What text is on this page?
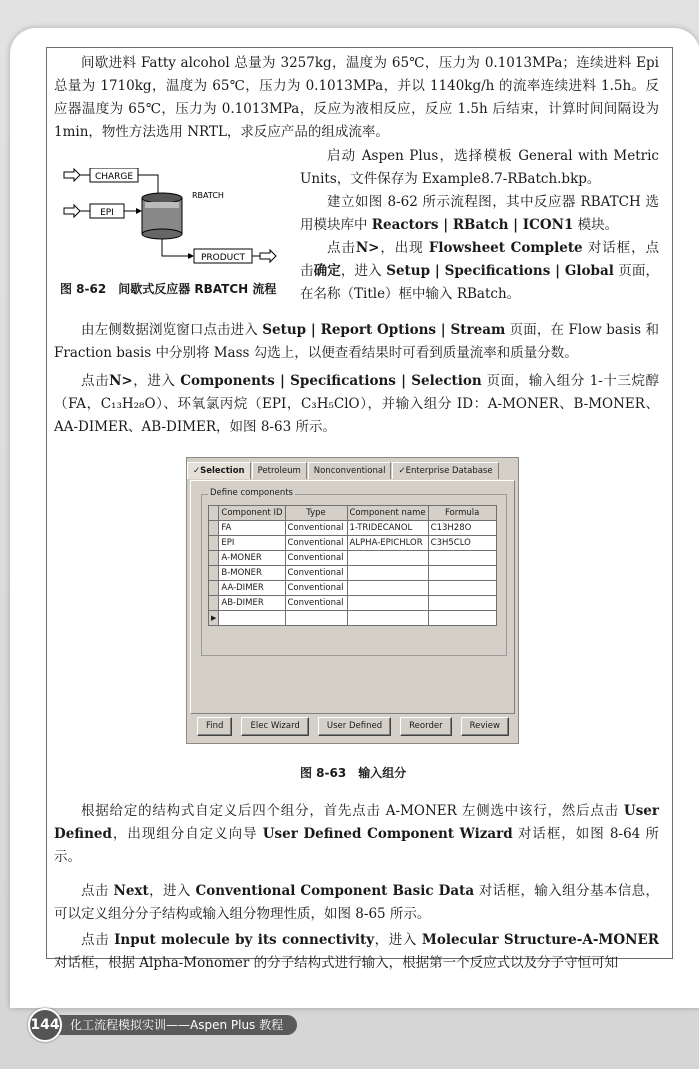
间歇进料 Fatty alcohol 总量为 3257kg，温度为 65℃，压力为 0.1013MPa；连续进料 Epi 总量为 1710kg，温度为 65℃，压力为 0.1013MPa，并以 1140kg/h 的流率连续进料 1.5h。反应器温度为 65℃，压力为 0.1013MPa，反应为液相反应，反应 1.5h 后结束，计算时间间隔设为 1min，物性方法选用 NRTL，求反应产品的组成流率。

CHARGE
EPI
RBATCH
PRODUCT
图 8-62　间歇式反应器 RBATCH 流程

启动 Aspen Plus，选择模板 General with Metric Units，文件保存为 Example8.7-RBatch.bkp。

建立如图 8-62 所示流程图，其中反应器 RBATCH 选用模块库中 Reactors | RBatch | ICON1 模块。

点击N>，出现 Flowsheet Complete 对话框，点击确定，进入 Setup | Specifications | Global 页面，在名称（Title）框中输入 RBatch。

由左侧数据浏览窗口点击进入 Setup | Report Options | Stream 页面，在 Flow basis 和 Fraction basis 中分别将 Mass 勾选上，以便查看结果时可看到质量流率和质量分数。

点击N>，进入 Components | Specifications | Selection 页面，输入组分 1-十三烷醇（FA，C₁₃H₂₈O）、环氧氯丙烷（EPI，C₃H₅ClO），并输入组分 ID：A-MONER、B-MONER、AA-DIMER、AB-DIMER，如图 8-63 所示。

✓Selection	Petroleum	Nonconventional	✓Enterprise Database
Define components
	Component ID	Type	Component name	Formula
	FA	Conventional	1-TRIDECANOL	C13H28O
	EPI	Conventional	ALPHA-EPICHLOR	C3H5CLO
	A-MONER	Conventional		
	B-MONER	Conventional		
	AA-DIMER	Conventional		
	AB-DIMER	Conventional		
▶				
Find	Elec Wizard	User Defined	Reorder	Review
图 8-63　输入组分

根据给定的结构式自定义后四个组分，首先点击 A-MONER 左侧选中该行，然后点击 User Defined，出现组分自定义向导 User Defined Component Wizard 对话框，如图 8-64 所示。

点击 Next，进入 Conventional Component Basic Data 对话框，输入组分基本信息，可以定义组分分子结构或输入组分物理性质，如图 8-65 所示。

点击 Input molecule by its connectivity，进入 Molecular Structure-A-MONER 对话框，根据 Alpha-Monomer 的分子结构式进行输入，根据第一个反应式以及分子守恒可知

144 化工流程模拟实训——Aspen Plus 教程
